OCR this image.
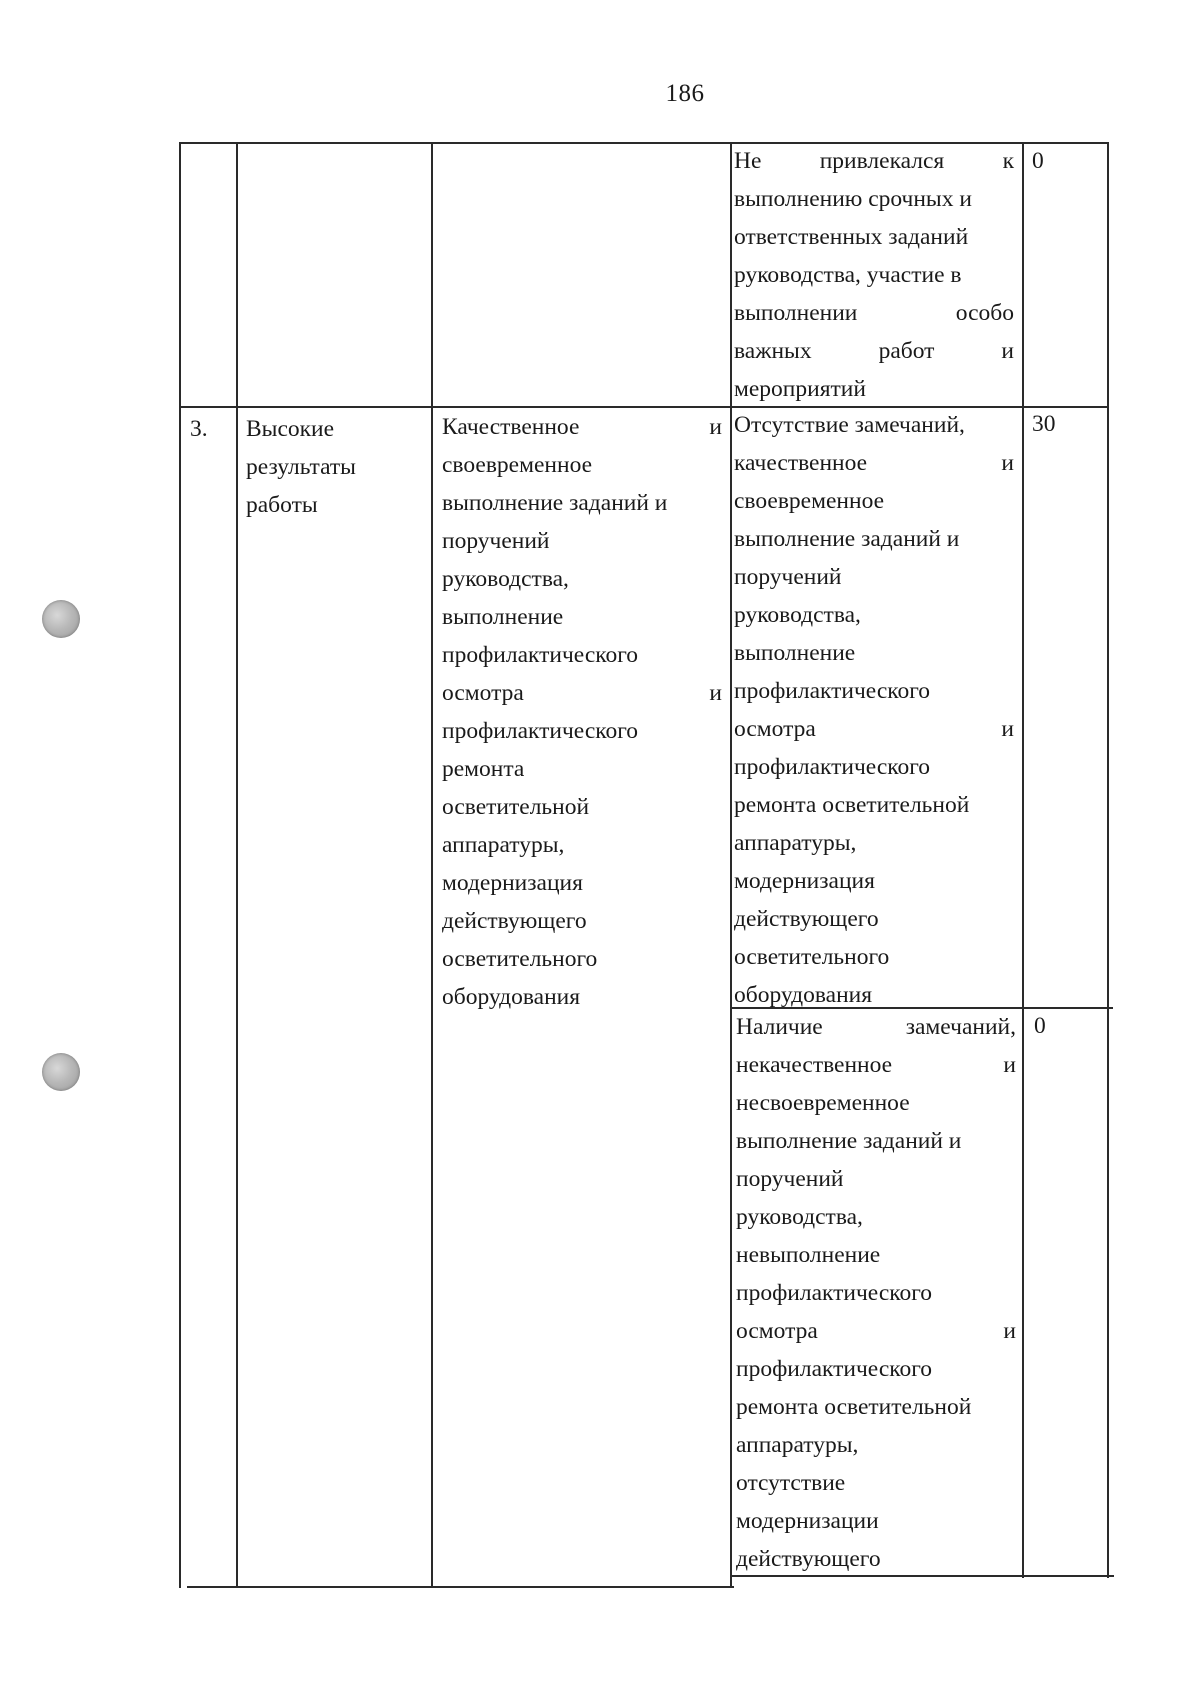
186
Не привлекался к
выполнению срочных и
ответственных заданий
руководства, участие в
выполнении особо
важных работ и
мероприятий
0
3. Высокие
результаты
работы
Качественное и
своевременное
выполнение заданий и
поручений
руководства,
выполнение
профилактического
осмотра и
профилактического
ремонта
осветительной
аппаратуры,
модернизация
действующего
осветительного
оборудования
Отсутствие замечаний,
качественное и
своевременное
выполнение заданий и
поручений
руководства,
выполнение
профилактического
осмотра и
профилактического
ремонта осветительной
аппаратуры,
модернизация
действующего
осветительного
оборудования
30
Наличие замечаний,
некачественное и
несвоевременное
выполнение заданий и
поручений
руководства,
невыполнение
профилактического
осмотра и
профилактического
ремонта осветительной
аппаратуры,
отсутствие
модернизации
действующего
0
